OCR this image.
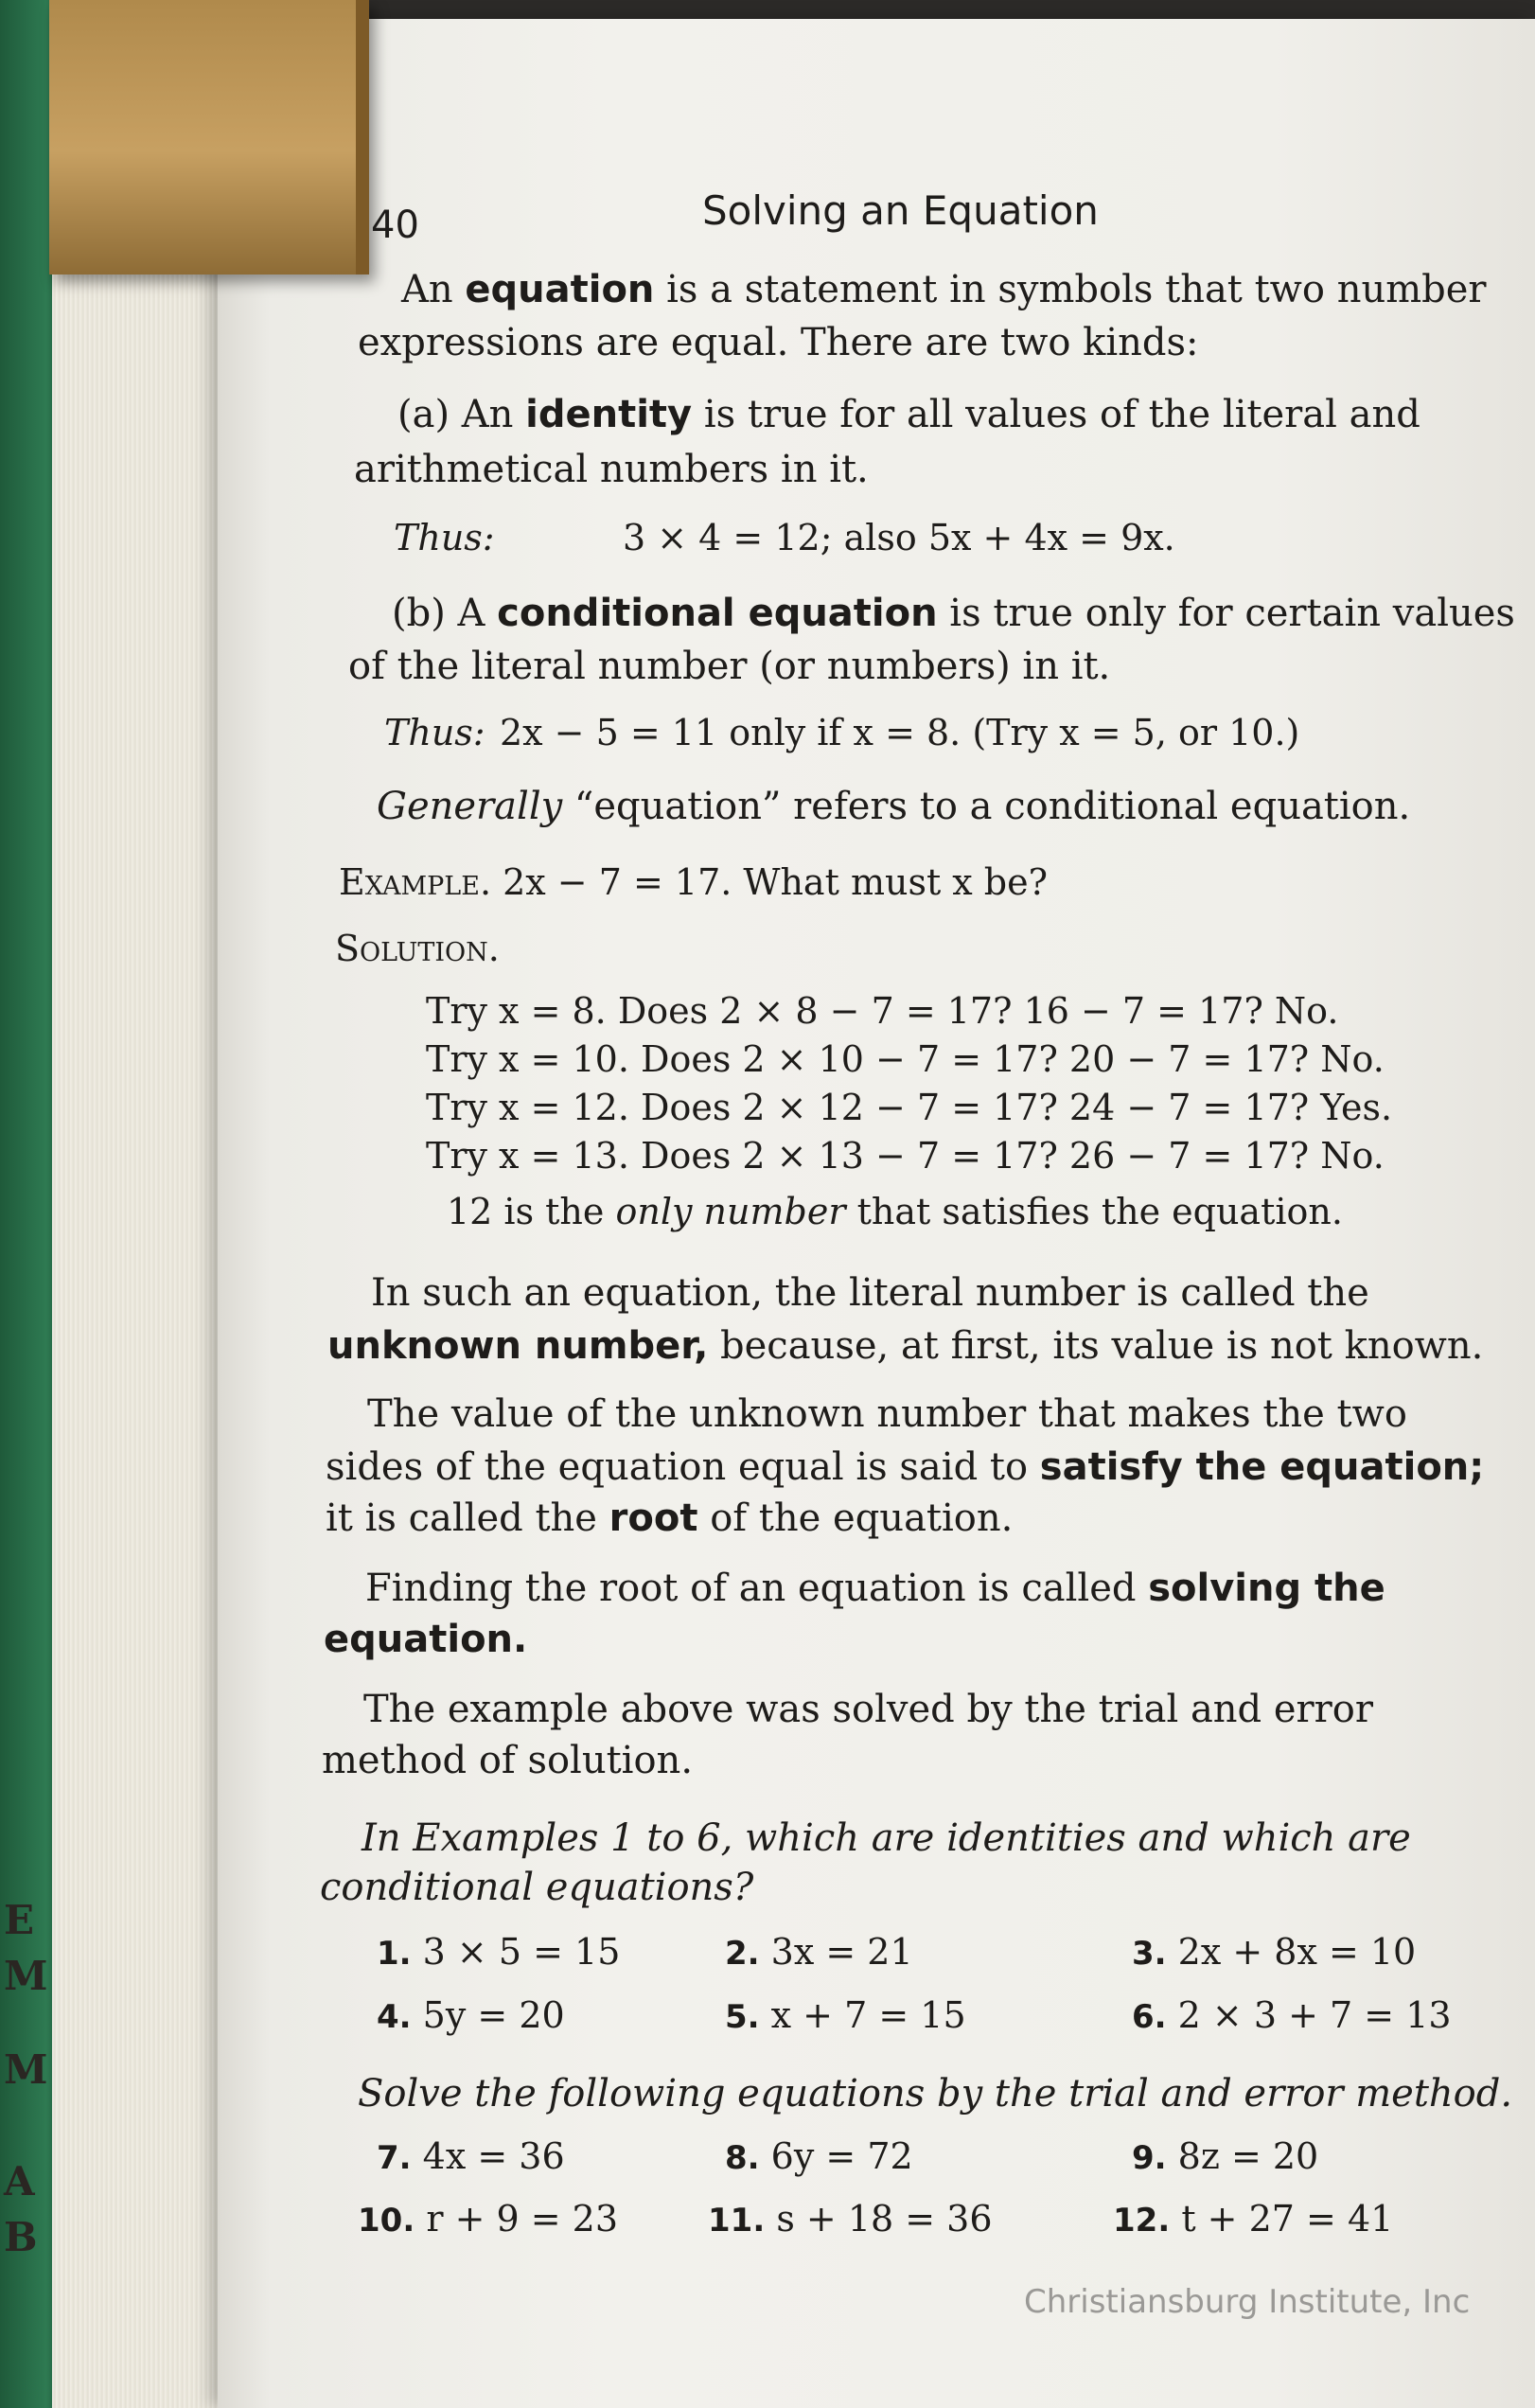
E
M
M
A
B
40	Solving an Equation
An equation is a statement in symbols that two number
expressions are equal. There are two kinds:
(a) An identity is true for all values of the literal and
arithmetical numbers in it.
Thus:	3 × 4 = 12; also 5x + 4x = 9x.
(b) A conditional equation is true only for certain values
of the literal number (or numbers) in it.
Thus: 2x − 5 = 11 only if x = 8. (Try x = 5, or 10.)
Generally “equation” refers to a conditional equation.
Example. 2x − 7 = 17. What must x be?
Solution.
Try x = 8. Does 2 × 8 − 7 = 17? 16 − 7 = 17? No.
Try x = 10. Does 2 × 10 − 7 = 17? 20 − 7 = 17? No.
Try x = 12. Does 2 × 12 − 7 = 17? 24 − 7 = 17? Yes.
Try x = 13. Does 2 × 13 − 7 = 17? 26 − 7 = 17? No.
12 is the only number that satisfies the equation.
In such an equation, the literal number is called the
unknown number, because, at first, its value is not known.
The value of the unknown number that makes the two
sides of the equation equal is said to satisfy the equation;
it is called the root of the equation.
Finding the root of an equation is called solving the
equation.
The example above was solved by the trial and error
method of solution.
In Examples 1 to 6, which are identities and which are
conditional equations?
1. 3 × 5 = 15	2. 3x = 21	3. 2x + 8x = 10
4. 5y = 20	5. x + 7 = 15	6. 2 × 3 + 7 = 13
Solve the following equations by the trial and error method.
7. 4x = 36	8. 6y = 72	9. 8z = 20
10. r + 9 = 23	11. s + 18 = 36	12. t + 27 = 41
Christiansburg Institute, Inc
